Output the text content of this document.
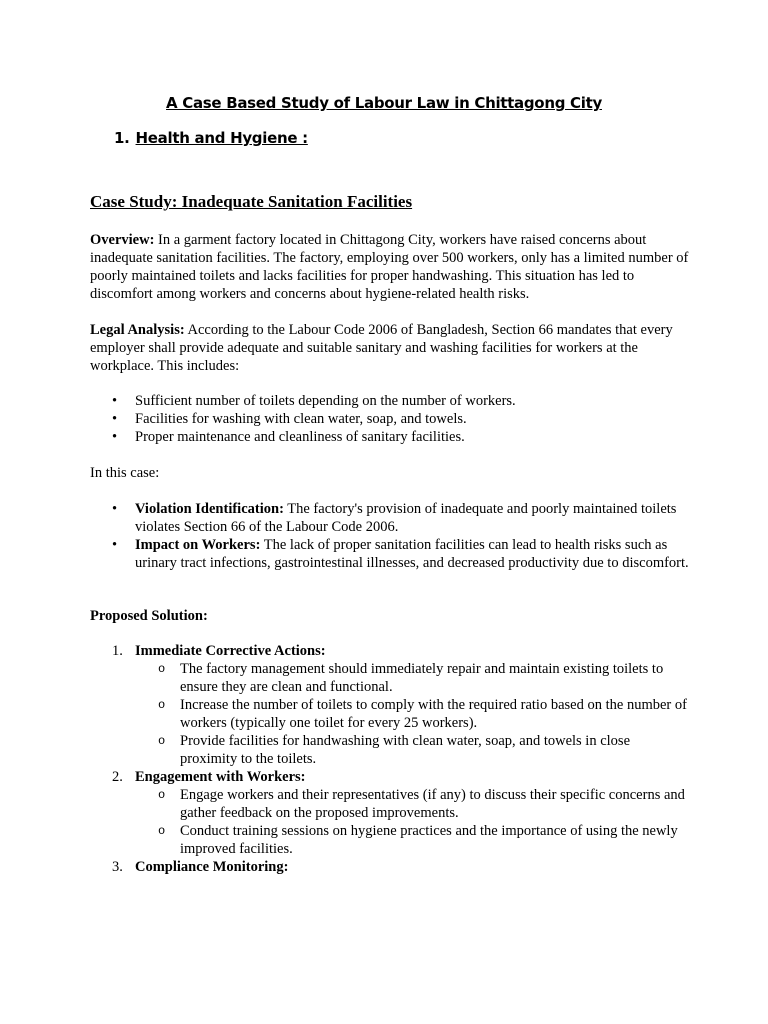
A Case Based Study of Labour Law in Chittagong City
1. Health and Hygiene :
Case Study: Inadequate Sanitation Facilities

Overview: In a garment factory located in Chittagong City, workers have raised concerns about inadequate sanitation facilities. The factory, employing over 500 workers, only has a limited number of poorly maintained toilets and lacks facilities for proper handwashing. This situation has led to discomfort among workers and concerns about hygiene-related health risks.

Legal Analysis: According to the Labour Code 2006 of Bangladesh, Section 66 mandates that every employer shall provide adequate and suitable sanitary and washing facilities for workers at the workplace. This includes:

• Sufficient number of toilets depending on the number of workers.
• Facilities for washing with clean water, soap, and towels.
• Proper maintenance and cleanliness of sanitary facilities.

In this case:

• Violation Identification: The factory's provision of inadequate and poorly maintained toilets violates Section 66 of the Labour Code 2006.
• Impact on Workers: The lack of proper sanitation facilities can lead to health risks such as urinary tract infections, gastrointestinal illnesses, and decreased productivity due to discomfort.

Proposed Solution:

1. Immediate Corrective Actions:
o The factory management should immediately repair and maintain existing toilets to ensure they are clean and functional.
o Increase the number of toilets to comply with the required ratio based on the number of workers (typically one toilet for every 25 workers).
o Provide facilities for handwashing with clean water, soap, and towels in close proximity to the toilets.
2. Engagement with Workers:
o Engage workers and their representatives (if any) to discuss their specific concerns and gather feedback on the proposed improvements.
o Conduct training sessions on hygiene practices and the importance of using the newly improved facilities.
3. Compliance Monitoring:
